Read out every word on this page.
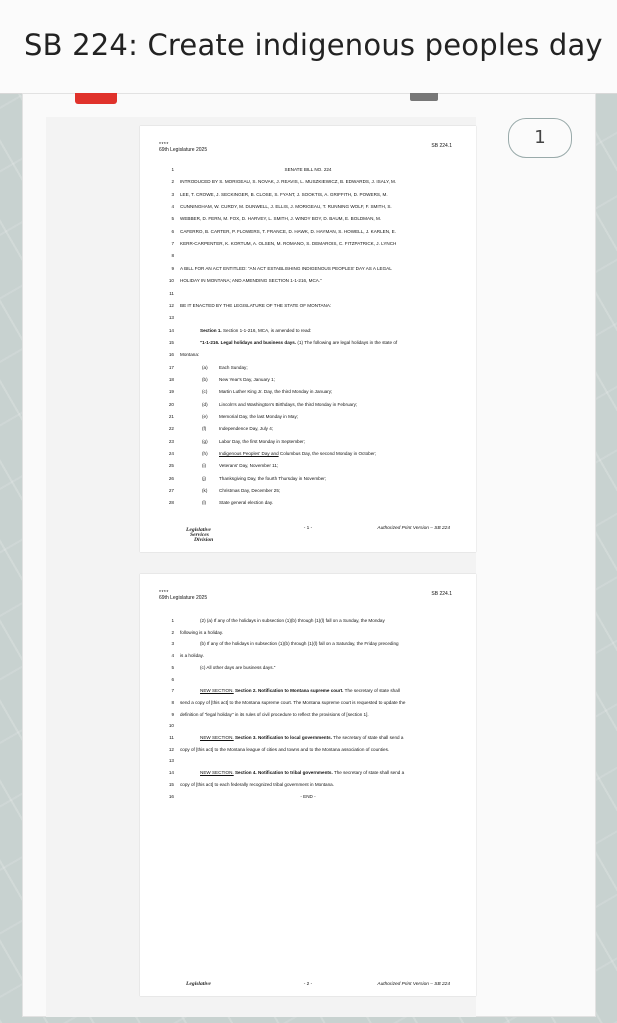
SB 224: Create indigenous peoples day
1
****
69th Legislature 2025
SB 224.1
1	SENATE BILL NO. 224
2 INTRODUCED BY S. MORIGEAU, S. NOVAK, J. REAVIS, L. MUSZKIEWICZ, B. EDWARDS, J. ISALY, M.
3 LEE, T. CROWE, J. SECKINGER, B. CLOSE, S. FYANT, J. SOOKTIS, A. GRIFFITH, D. POWERS, M.
4 CUNNINGHAM, W. CURDY, M. DUNWELL, J. ELLIS, J. MORIGEAU, T. RUNNING WOLF, F. SMITH, S.
5 WEBBER, D. FERN, M. FOX, D. HARVEY, L. SMITH, J. WINDY BOY, D. BAUM, E. BOLDMAN, M.
6 CAFERRO, B. CARTER, P. FLOWERS, T. FRANCE, D. HAWK, D. HAYMAN, S. HOWELL, J. KARLEN, E.
7 KERR-CARPENTER, K. KORTUM, A. OLSEN, M. ROMANO, S. DEMAROIS, C. FITZPATRICK, J. LYNCH
8
9 A BILL FOR AN ACT ENTITLED: "AN ACT ESTABLISHING INDIGENOUS PEOPLES' DAY AS A LEGAL
10 HOLIDAY IN MONTANA; AND AMENDING SECTION 1-1-216, MCA."
11
12 BE IT ENACTED BY THE LEGISLATURE OF THE STATE OF MONTANA:
13
14	Section 1. Section 1-1-216, MCA, is amended to read:
15	"1-1-216. Legal holidays and business days. (1) The following are legal holidays in the state of
16 Montana:
17	(a) Each Sunday;
18	(b) New Year's Day, January 1;
19	(c)	Martin Luther King Jr. Day, the third Monday in January;
20	(d) Lincoln's and Washington's Birthdays, the third Monday in February;
21	(e) Memorial Day, the last Monday in May;
22	(f)	Independence Day, July 4;
23	(g) Labor Day, the first Monday in September;
24	(h) Indigenous Peoples' Day and Columbus Day, the second Monday in October;
25	(i)	Veterans' Day, November 11;
26	(j)	Thanksgiving Day, the fourth Thursday in November;
27	(k)	Christmas Day, December 25;
28	(l)	State general election day.
Legislative
Services
Division
- 1 -	Authorized Print Version – SB 224
****
69th Legislature 2025
SB 224.1
1	(2) (a) If any of the holidays in subsection (1)(b) through (1)(l) fall on a Sunday, the Monday
2 following is a holiday.
3	(b) If any of the holidays in subsection (1)(b) through (1)(l) fall on a Saturday, the Friday preceding
4 is a holiday.
5	(c) All other days are business days."
6
7	NEW SECTION. Section 2. Notification to Montana supreme court. The secretary of state shall
8 send a copy of [this act] to the Montana supreme court. The Montana supreme court is requested to update the
9 definition of "legal holiday" in its rules of civil procedure to reflect the provisions of [section 1].
10
11	NEW SECTION. Section 3. Notification to local governments. The secretary of state shall send a
12 copy of [this act] to the Montana league of cities and towns and to the Montana association of counties.
13
14	NEW SECTION. Section 4. Notification to tribal governments. The secretary of state shall send a
15 copy of [this act] to each federally recognized tribal government in Montana.
16	- END -
Legislative	- 2 -	Authorized Print Version – SB 224
